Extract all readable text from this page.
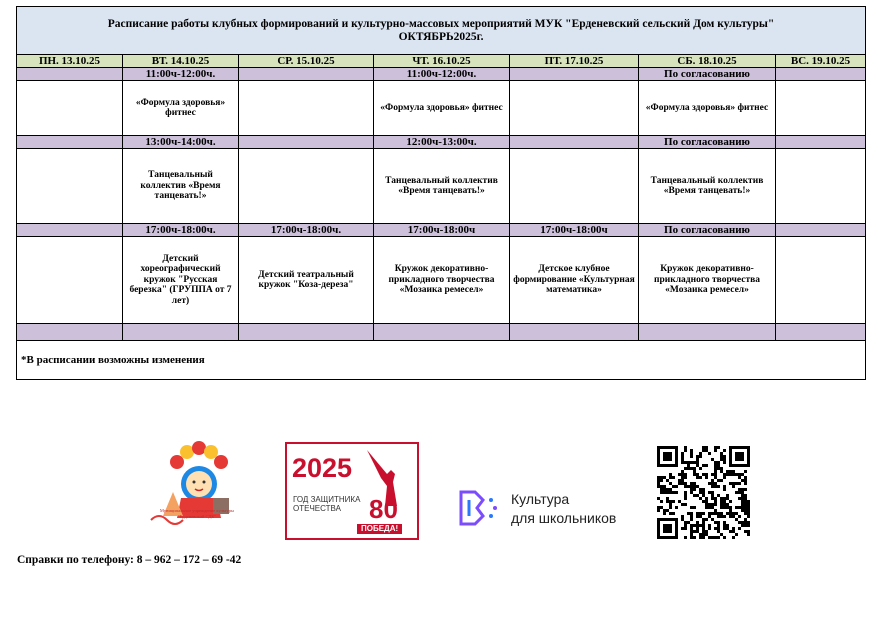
Расписание работы клубных формирований и культурно-массовых мероприятий МУК "Ерденевский сельский Дом культуры"
ОКТЯБРЬ2025г.						

ПН. 13.10.25	ВТ. 14.10.25	СР. 15.10.25	ЧТ. 16.10.25	ПТ. 17.10.25	СБ. 18.10.25	ВС. 19.10.25
	11:00ч-12:00ч.		11:00ч-12:00ч.		По согласованию	
	«Формула здоровья» фитнес		«Формула здоровья» фитнес		«Формула здоровья» фитнес	
	13:00ч-14:00ч.		12:00ч-13:00ч.		По согласованию	
	Танцевальный коллектив «Время танцевать!»		Танцевальный коллектив «Время танцевать!»		Танцевальный коллектив «Время танцевать!»	
	17:00ч-18:00ч.	17:00ч-18:00ч.	17:00ч-18:00ч	17:00ч-18:00ч	По согласованию	
	Детский хореографический кружок "Русская березка" (ГРУППА от 7 лет)	Детский театральный кружок "Коза-дереза"	Кружок декоративно-прикладного творчества «Мозаика ремесел»	Детское клубное формирование «Культурная математика»	Кружок декоративно-прикладного творчества «Мозаика ремесел»	

*В расписании возможны изменения						
Муниципальное учреждение культуры
"Ерденевский СДК"
2025
ГОД ЗАЩИТНИКА
ОТЕЧЕСТВА 80
ПОБЕДА!
Культура
для школьников
Справки по телефону: 8 – 962 – 172 – 69 -42
